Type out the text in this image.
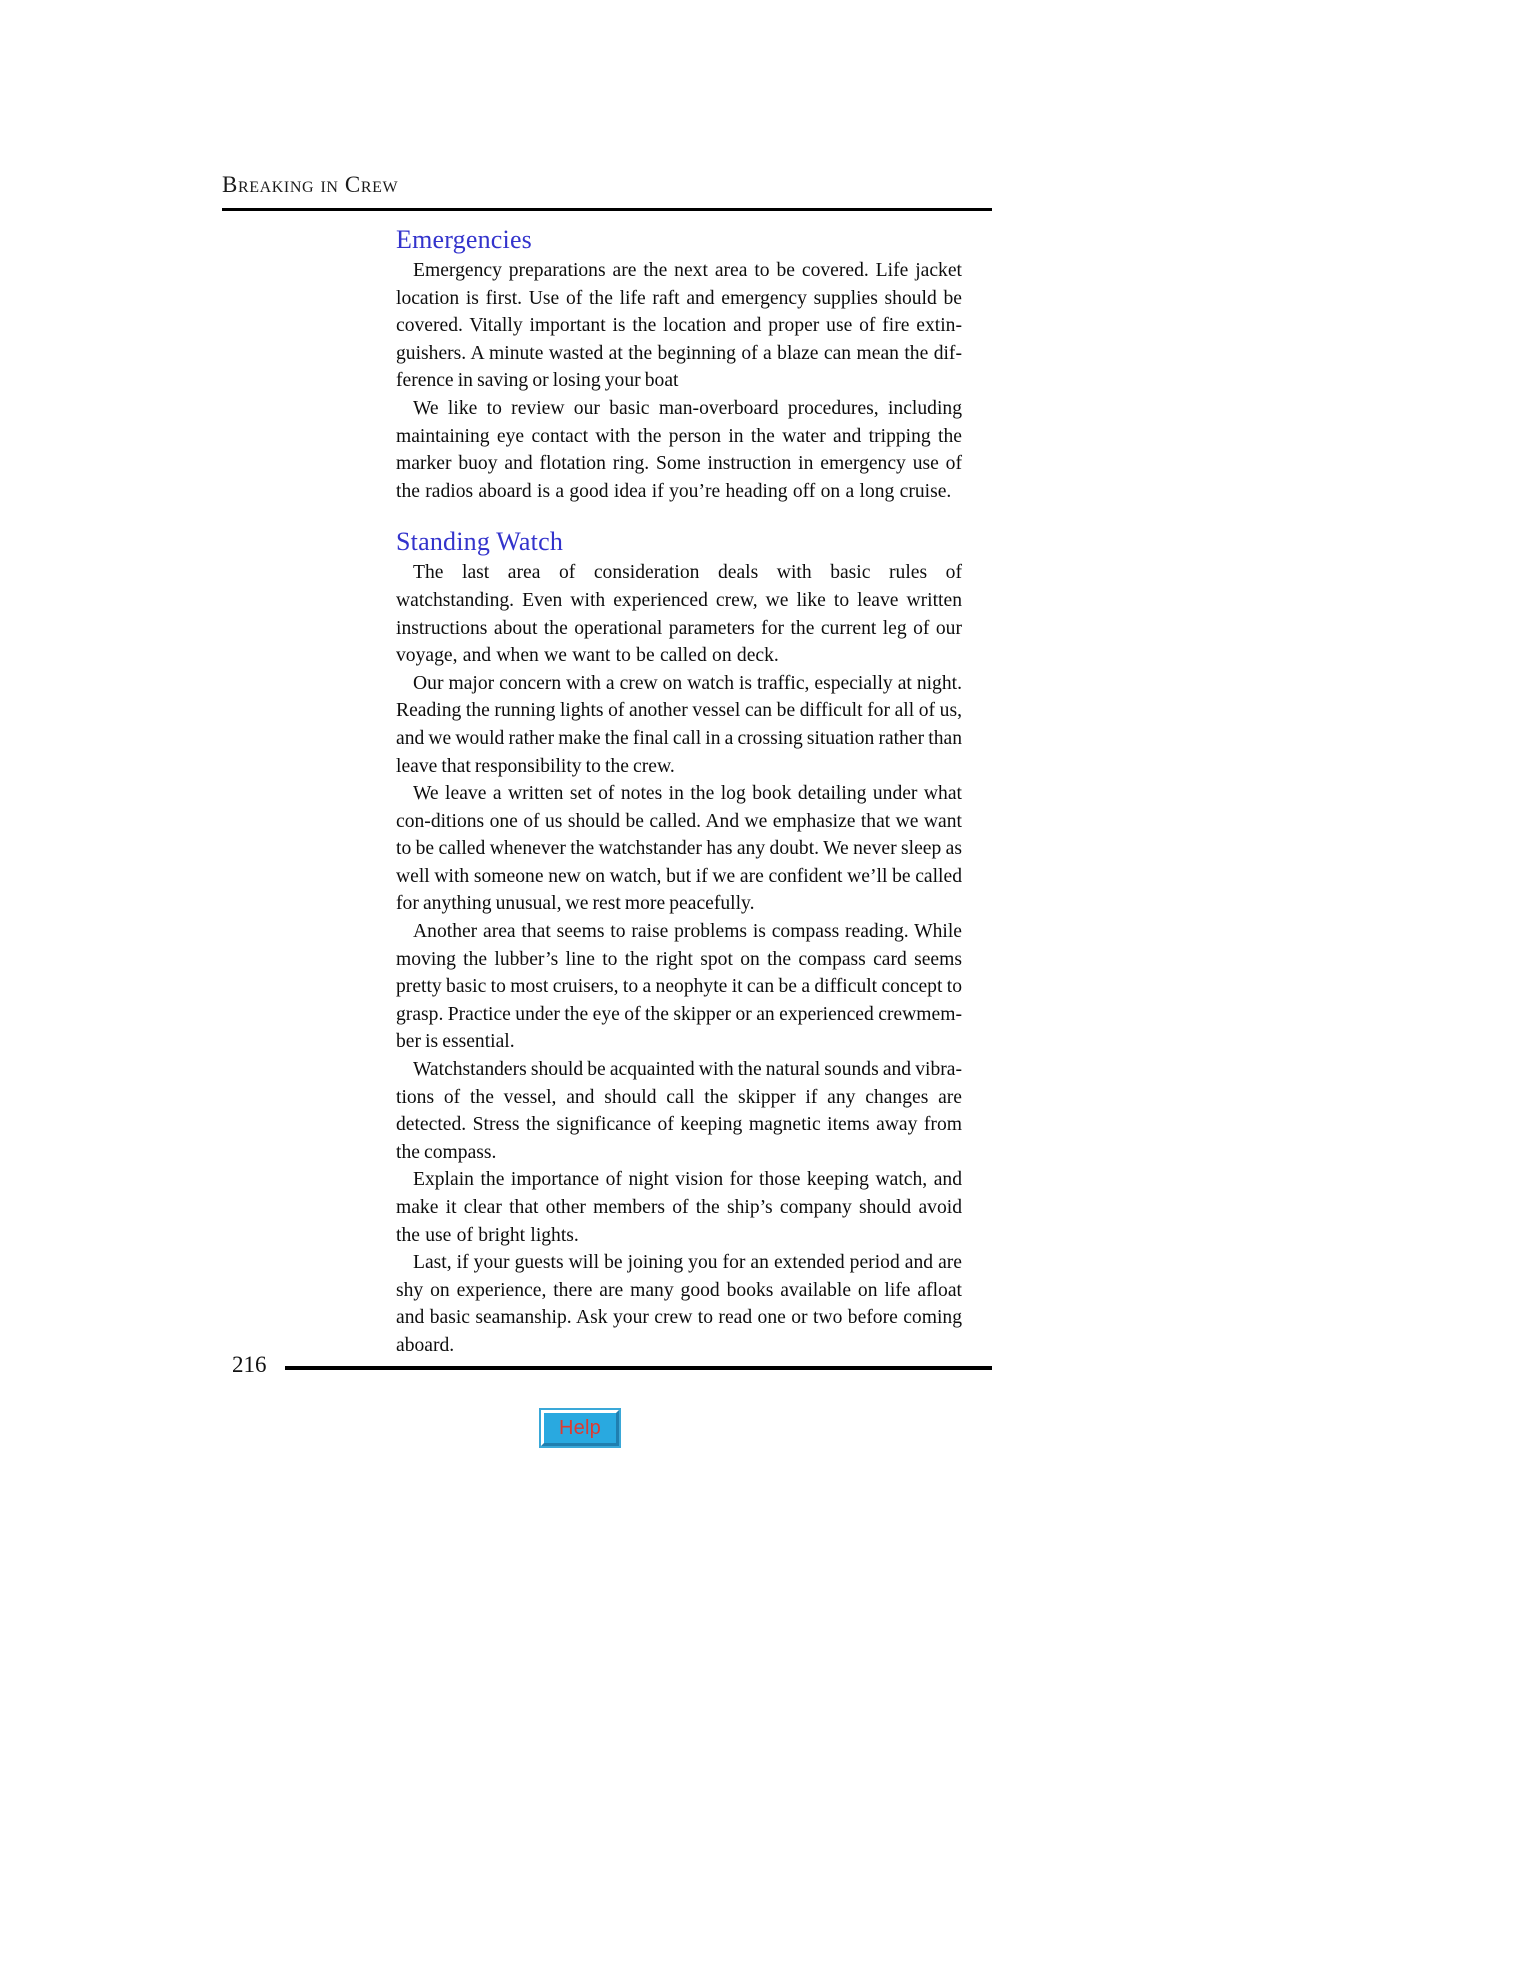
Breaking in Crew
Emergencies

Emergency preparations are the next area to be covered. Life jacket location is first. Use of the life raft and emergency supplies should be covered. Vitally important is the location and proper use of fire extin-guishers. A minute wasted at the beginning of a blaze can mean the dif-ference in saving or losing your boat

We like to review our basic man-overboard procedures, including maintaining eye contact with the person in the water and tripping the marker buoy and flotation ring. Some instruction in emergency use of the radios aboard is a good idea if you’re heading off on a long cruise.

Standing Watch

The last area of consideration deals with basic rules of watchstanding. Even with experienced crew, we like to leave written instructions about the operational parameters for the current leg of our voyage, and when we want to be called on deck.

Our major concern with a crew on watch is traffic, especially at night. Reading the running lights of another vessel can be difficult for all of us, and we would rather make the final call in a crossing situation rather than leave that responsibility to the crew.

We leave a written set of notes in the log book detailing under what con-ditions one of us should be called. And we emphasize that we want to be called whenever the watchstander has any doubt. We never sleep as well with someone new on watch, but if we are confident we’ll be called for anything unusual, we rest more peacefully.

Another area that seems to raise problems is compass reading. While moving the lubber’s line to the right spot on the compass card seems pretty basic to most cruisers, to a neophyte it can be a difficult concept to grasp. Practice under the eye of the skipper or an experienced crewmem-ber is essential.

Watchstanders should be acquainted with the natural sounds and vibra-tions of the vessel, and should call the skipper if any changes are detected. Stress the significance of keeping magnetic items away from the compass.

Explain the importance of night vision for those keeping watch, and make it clear that other members of the ship’s company should avoid the use of bright lights.

Last, if your guests will be joining you for an extended period and are shy on experience, there are many good books available on life afloat and basic seamanship. Ask your crew to read one or two before coming aboard.

216
Help
